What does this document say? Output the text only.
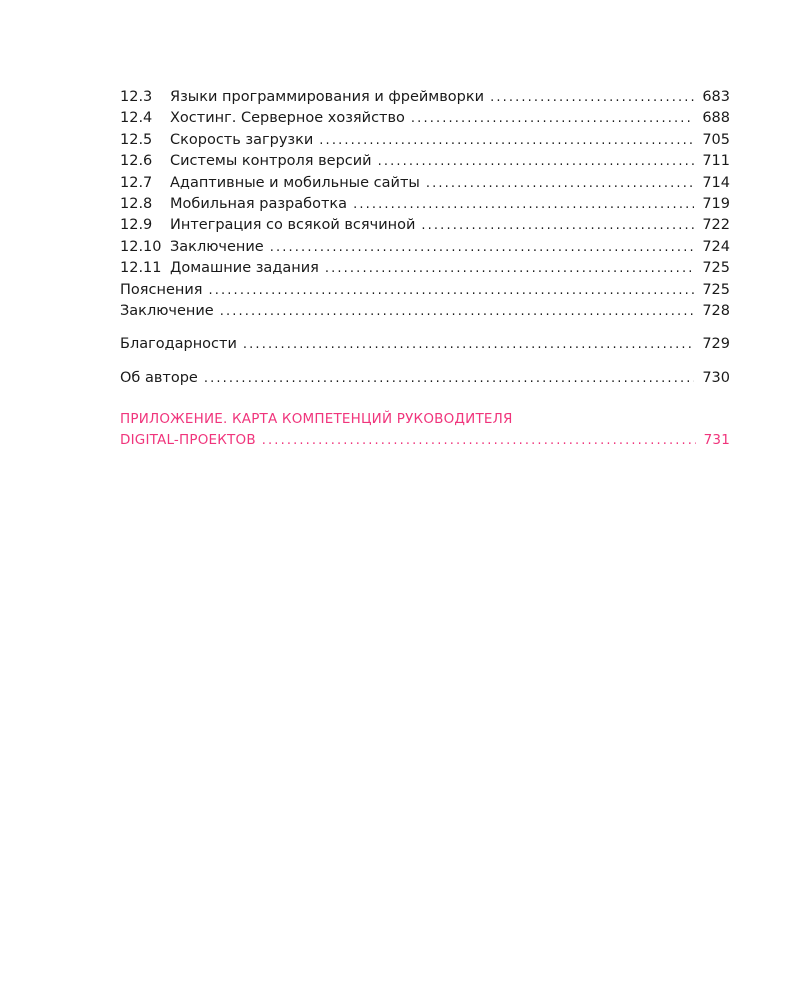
12.3	Языки программирования и фреймворки . . .	683
12.4	Хостинг. Серверное хозяйство . . .	688
12.5	Скорость загрузки . . .	705
12.6	Системы контроля версий . . .	711
12.7	Адаптивные и мобильные сайты . . .	714
12.8	Мобильная разработка . . .	719
12.9	Интеграция со всякой всячиной . . .	722
12.10 Заключение . . .	724
12.11 Домашние задания . . .	725
Пояснения . . .	725
Заключение . . .	728
Благодарности . . .	729
Об авторе . . .	730
ПРИЛОЖЕНИЕ. КАРТА КОМПЕТЕНЦИЙ РУКОВОДИТЕЛЯ
DIGITAL-ПРОЕКТОВ . . .	731
